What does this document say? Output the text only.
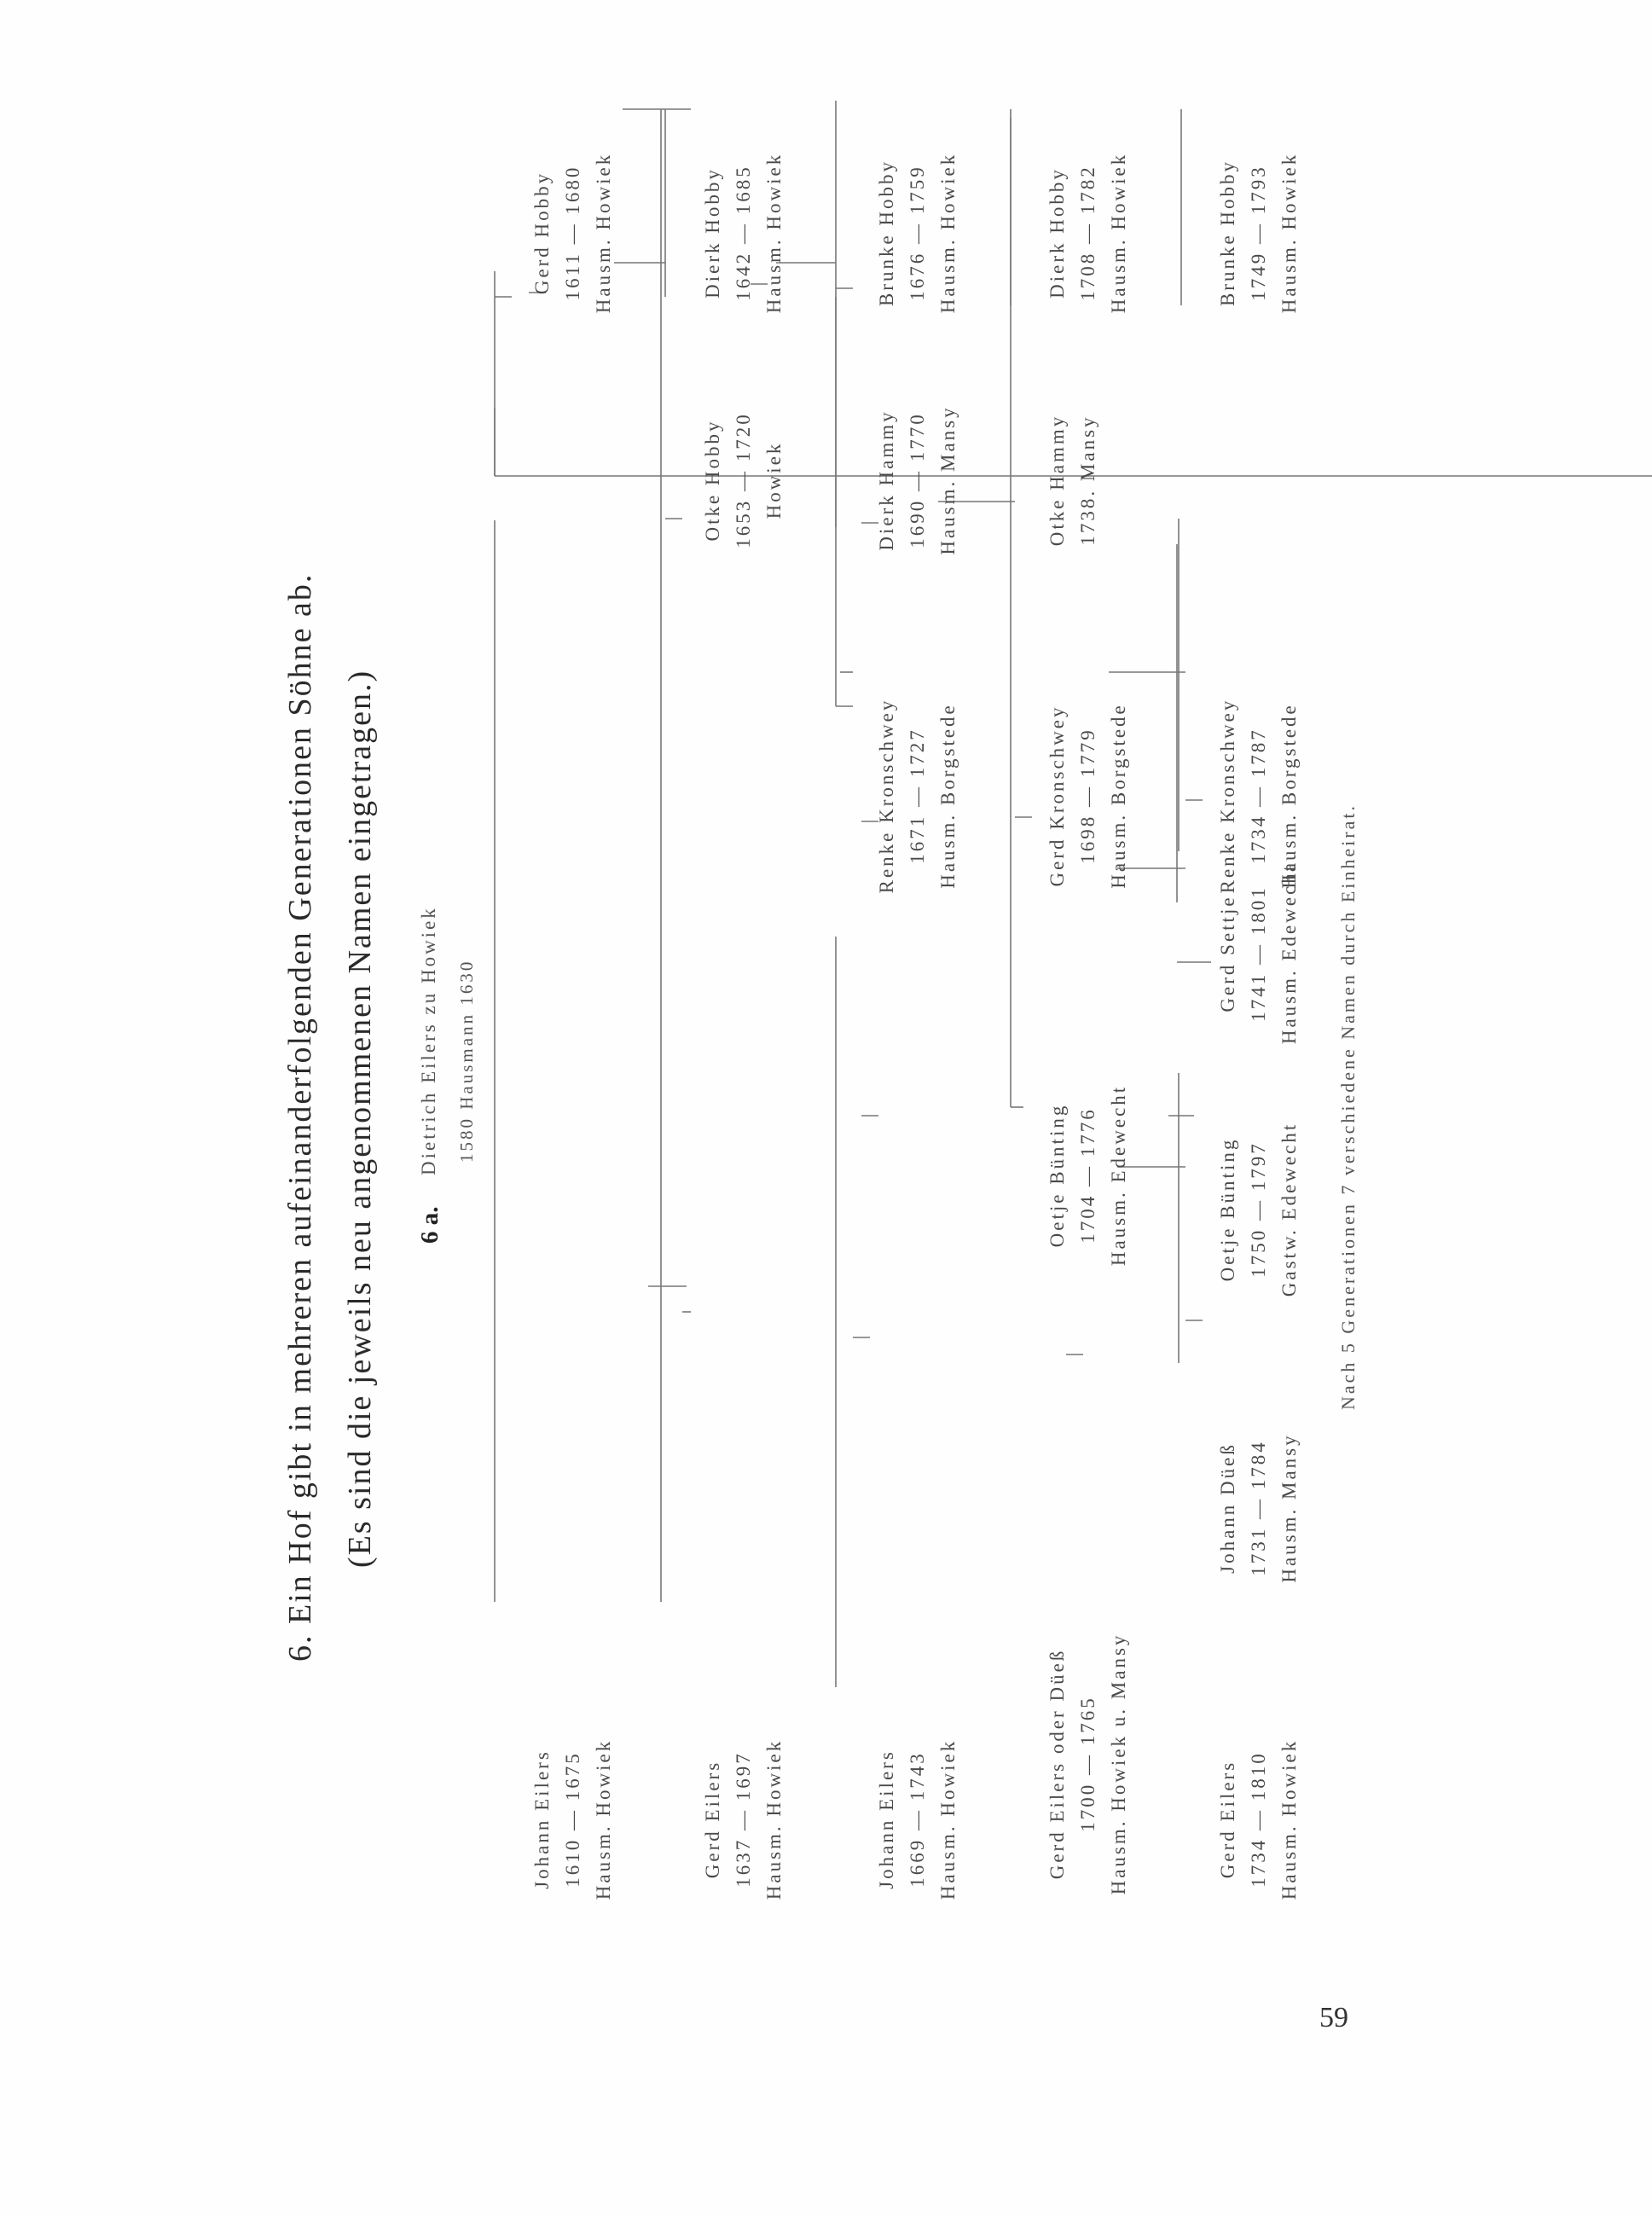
6. Ein Hof gibt in mehreren aufeinanderfolgenden Generationen Söhne ab. (Es sind die jeweils neu angenommenen Namen eingetragen.) 6 a.
Dietrich Eilers zu Howiek 1580 Hausmann 1630
Johann Eilers 1610 — 1675 Hausm. Howiek
Gerd Hobby 1611 — 1680 Hausm. Howiek
Gerd Eilers 1637 — 1697 Hausm. Howiek
Otke Hobby 1653 — 1720 Howiek
Dierk Hobby 1642 — 1685 Hausm. Howiek
Johann Eilers 1669 — 1743 Hausm. Howiek
Renke Kronschwey 1671 — 1727 Hausm. Borgstede
Dierk Hammy 1690 — 1770 Hausm. Mansy
Brunke Hobby 1676 — 1759 Hausm. Howiek
Gerd Eilers oder Düeß 1700 — 1765 Hausm. Howiek u. Mansy
Oetje Bünting 1704 — 1776 Hausm. Edewecht
Gerd Kronschwey 1698 — 1779 Hausm. Borgstede
Otke Hammy 1738. Mansy
Dierk Hobby 1708 — 1782 Hausm. Howiek
Gerd Eilers 1734 — 1810 Hausm. Howiek
Johann Düeß 1731 — 1784 Hausm. Mansy
Oetje Bünting 1750 — 1797 Gastw. Edewecht
Gerd Settje 1741 — 1801 Hausm. Edewecht
Renke Kronschwey 1734 — 1787 Hausm. Borgstede
Brunke Hobby 1749 — 1793 Hausm. Howiek
Nach 5 Generationen 7 verschiedene Namen durch Einheirat.
59
